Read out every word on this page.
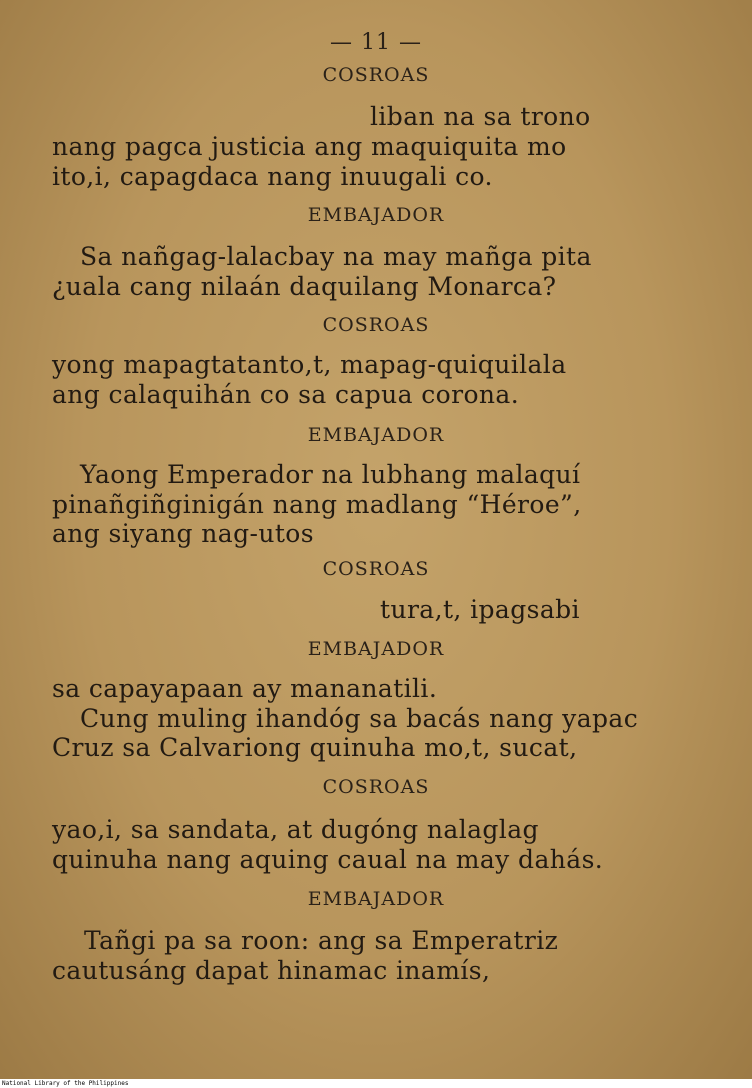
— 11 —
COSROAS
liban na sa trono
nang pagca justicia ang maquiquita mo
ito,i, capagdaca nang inuugali co.
EMBAJADOR
Sa nañgag-lalacbay na may mañga pita
¿uala cang nilaán daquilang Monarca?
COSROAS
yong mapagtatanto,t, mapag-quiquilala
ang calaquihán co sa capua corona.
EMBAJADOR
Yaong Emperador na lubhang malaquí
pinañgiñginigán nang madlang “Héroe”,
ang siyang nag-utos
COSROAS
tura,t, ipagsabi
EMBAJADOR
sa capayapaan ay mananatili.
Cung muling ihandóg sa bacás nang yapac
Cruz sa Calvariong quinuha mo,t, sucat,
COSROAS
yao,i, sa sandata, at dugóng nalaglag
quinuha nang aquing caual na may dahás.
EMBAJADOR
Tañgi pa sa roon: ang sa Emperatriz
cautusáng dapat hinamac inamís,
National Library of the Philippines
